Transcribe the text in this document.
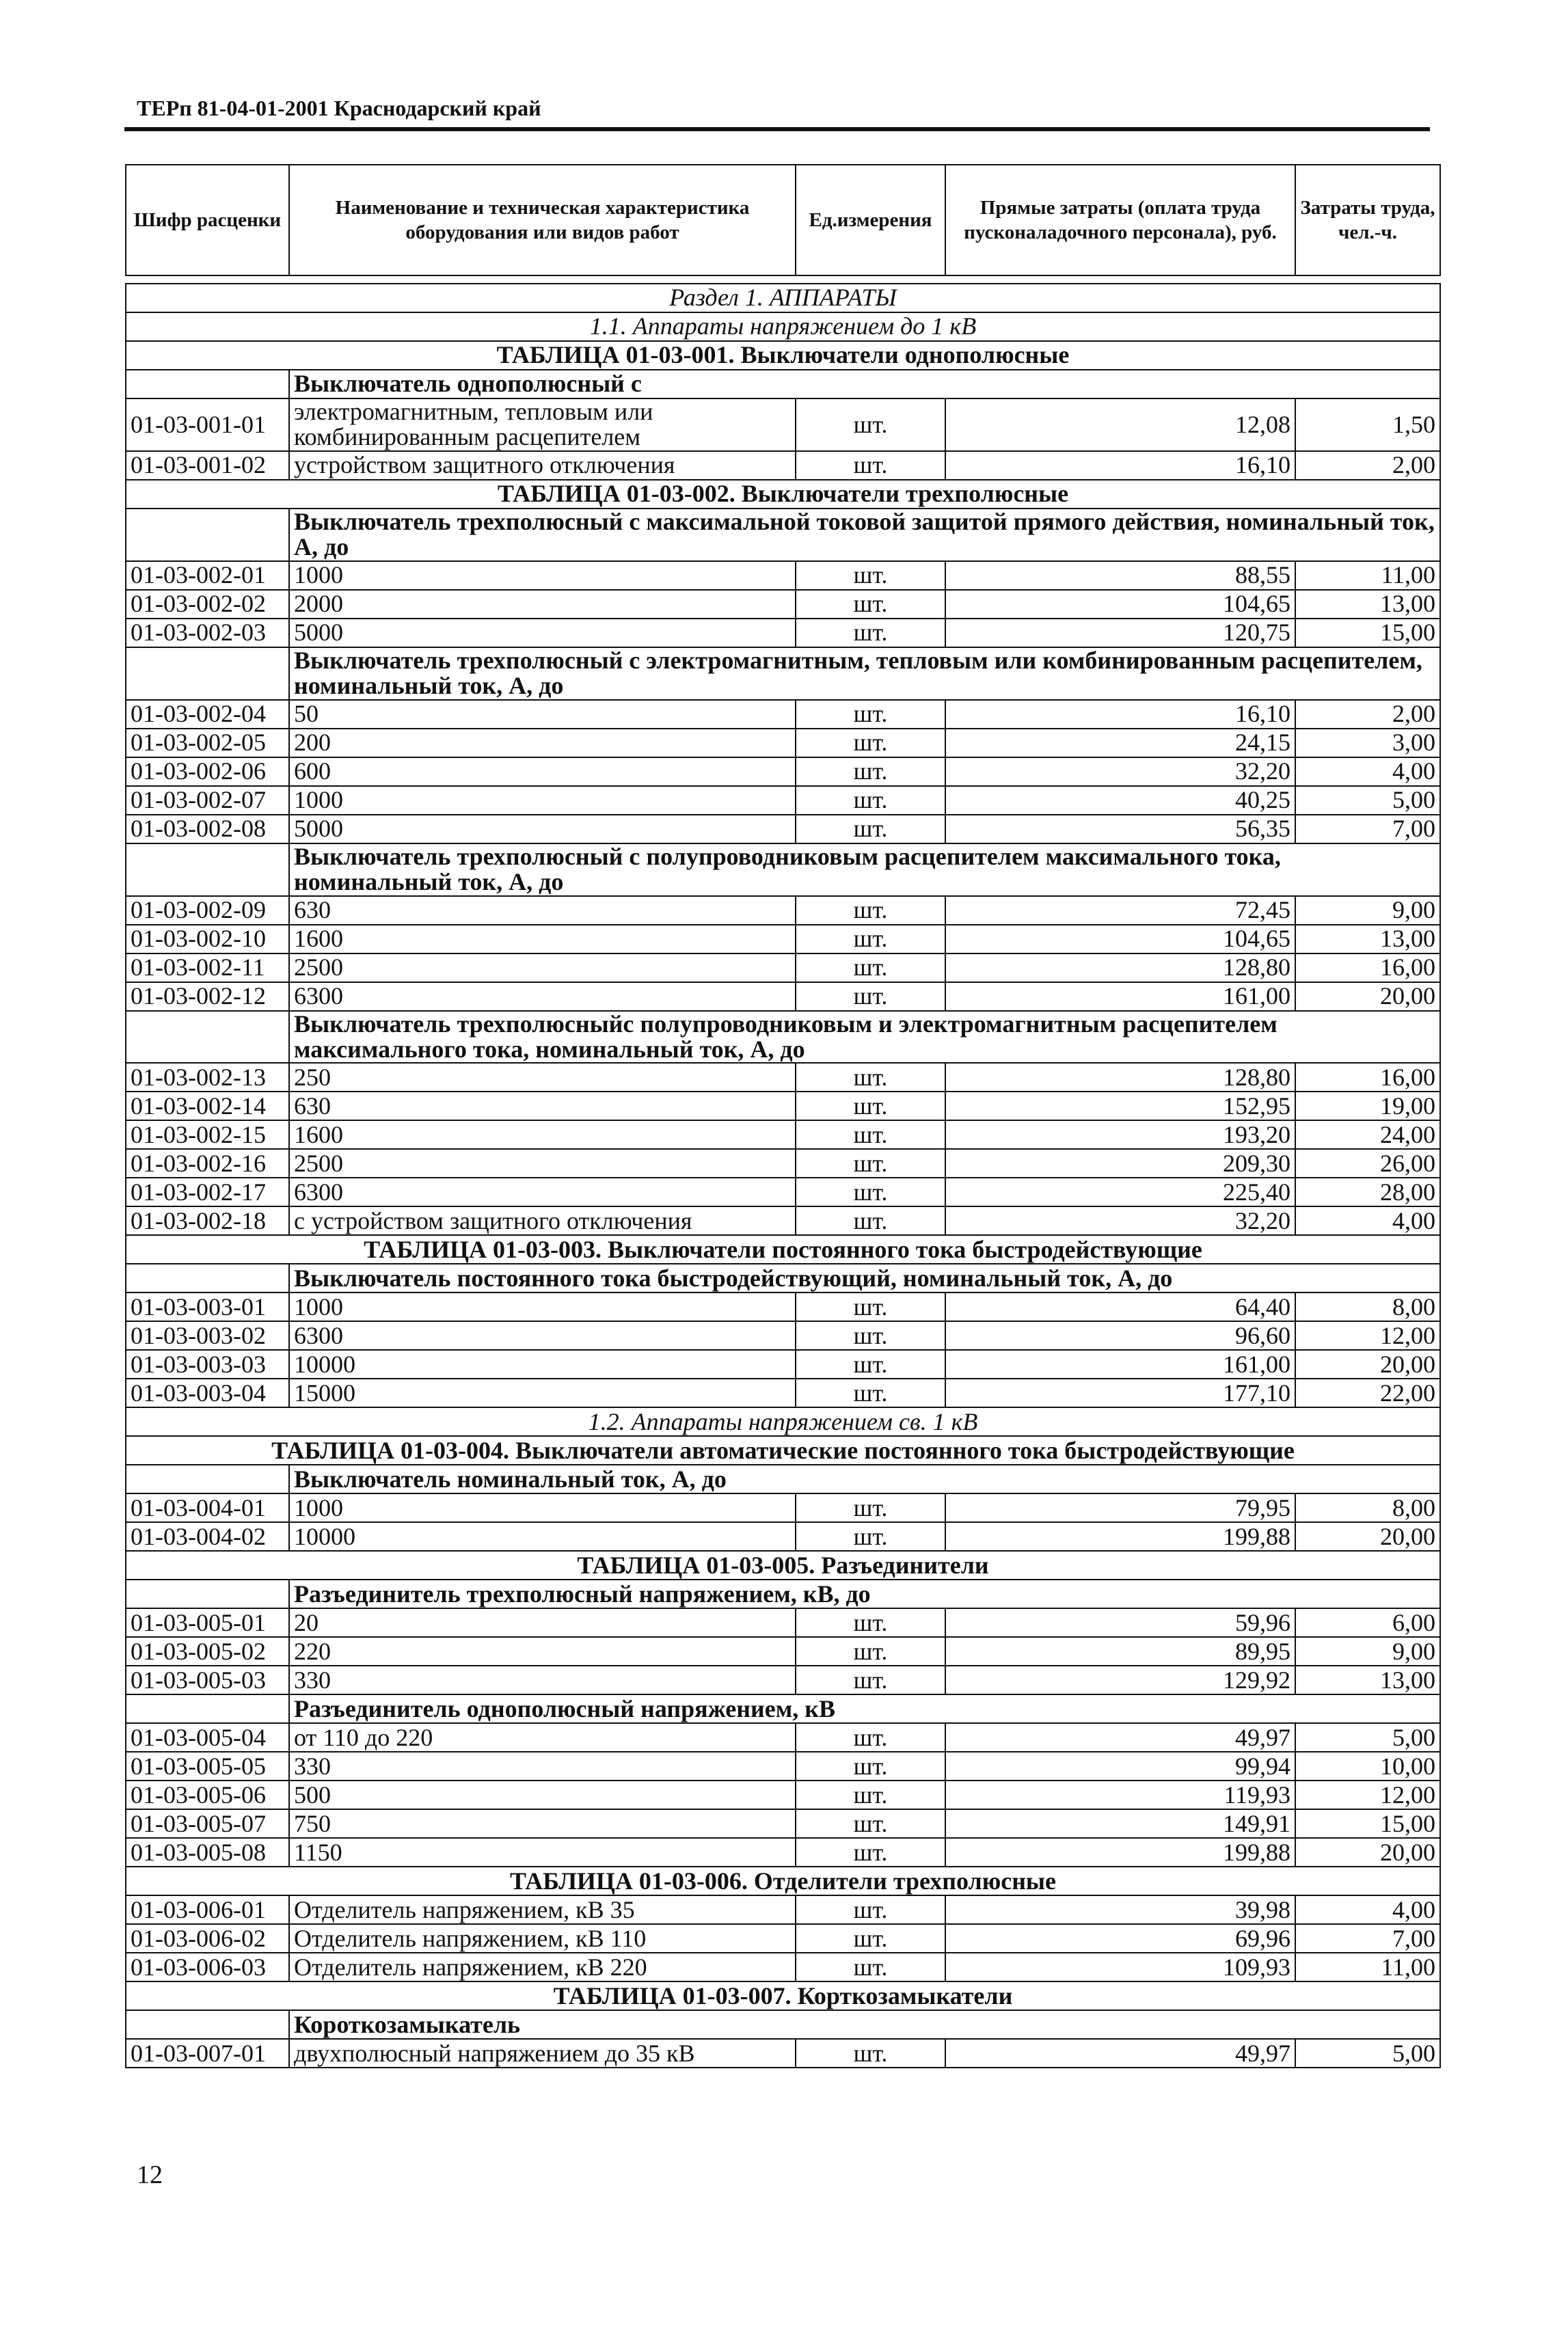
ТЕРп 81-04-01-2001 Краснодарский край
Шифр расценки	Наименование и техническая характеристика оборудования или видов работ	Ед.измерения	Прямые затраты (оплата труда пусконаладочного персонала), руб.	Затраты труда, чел.-ч.

Раздел 1. АППАРАТЫ				
1.1. Аппараты напряжением до 1 кВ				
ТАБЛИЦА 01-03-001. Выключатели однополюсные				
	Выключатель однополюсный с			
01-03-001-01	электромагнитным, тепловым или комбинированным расцепителем	шт.	12,08	1,50
01-03-001-02	устройством защитного отключения	шт.	16,10	2,00
ТАБЛИЦА 01-03-002. Выключатели трехполюсные				
	Выключатель трехполюсный с максимальной токовой защитой прямого действия, номинальный ток, А, до			
01-03-002-01	1000	шт.	88,55	11,00
01-03-002-02	2000	шт.	104,65	13,00
01-03-002-03	5000	шт.	120,75	15,00
	Выключатель трехполюсный с электромагнитным, тепловым или комбинированным расцепителем, номинальный ток, А, до			
01-03-002-04	50	шт.	16,10	2,00
01-03-002-05	200	шт.	24,15	3,00
01-03-002-06	600	шт.	32,20	4,00
01-03-002-07	1000	шт.	40,25	5,00
01-03-002-08	5000	шт.	56,35	7,00
	Выключатель трехполюсный с полупроводниковым расцепителем максимального тока, номинальный ток, А, до			
01-03-002-09	630	шт.	72,45	9,00
01-03-002-10	1600	шт.	104,65	13,00
01-03-002-11	2500	шт.	128,80	16,00
01-03-002-12	6300	шт.	161,00	20,00
	Выключатель трехполюсныйс полупроводниковым и электромагнитным расцепителем максимального тока, номинальный ток, А, до			
01-03-002-13	250	шт.	128,80	16,00
01-03-002-14	630	шт.	152,95	19,00
01-03-002-15	1600	шт.	193,20	24,00
01-03-002-16	2500	шт.	209,30	26,00
01-03-002-17	6300	шт.	225,40	28,00
01-03-002-18	с устройством защитного отключения	шт.	32,20	4,00
ТАБЛИЦА 01-03-003. Выключатели постоянного тока быстродействующие				
	Выключатель постоянного тока быстродействующий, номинальный ток, А, до			
01-03-003-01	1000	шт.	64,40	8,00
01-03-003-02	6300	шт.	96,60	12,00
01-03-003-03	10000	шт.	161,00	20,00
01-03-003-04	15000	шт.	177,10	22,00
1.2. Аппараты напряжением св. 1 кВ				
ТАБЛИЦА 01-03-004. Выключатели автоматические постоянного тока быстродействующие				
	Выключатель номинальный ток, А, до			
01-03-004-01	1000	шт.	79,95	8,00
01-03-004-02	10000	шт.	199,88	20,00
ТАБЛИЦА 01-03-005. Разъединители				
	Разъединитель трехполюсный напряжением, кВ, до			
01-03-005-01	20	шт.	59,96	6,00
01-03-005-02	220	шт.	89,95	9,00
01-03-005-03	330	шт.	129,92	13,00
	Разъединитель однополюсный напряжением, кВ			
01-03-005-04	от 110 до 220	шт.	49,97	5,00
01-03-005-05	330	шт.	99,94	10,00
01-03-005-06	500	шт.	119,93	12,00
01-03-005-07	750	шт.	149,91	15,00
01-03-005-08	1150	шт.	199,88	20,00
ТАБЛИЦА 01-03-006. Отделители трехполюсные				
01-03-006-01	Отделитель напряжением, кВ 35	шт.	39,98	4,00
01-03-006-02	Отделитель напряжением, кВ 110	шт.	69,96	7,00
01-03-006-03	Отделитель напряжением, кВ 220	шт.	109,93	11,00
ТАБЛИЦА 01-03-007. Корткозамыкатели				
	Короткозамыкатель			
01-03-007-01	двухполюсный напряжением до 35 кВ	шт.	49,97	5,00
12
